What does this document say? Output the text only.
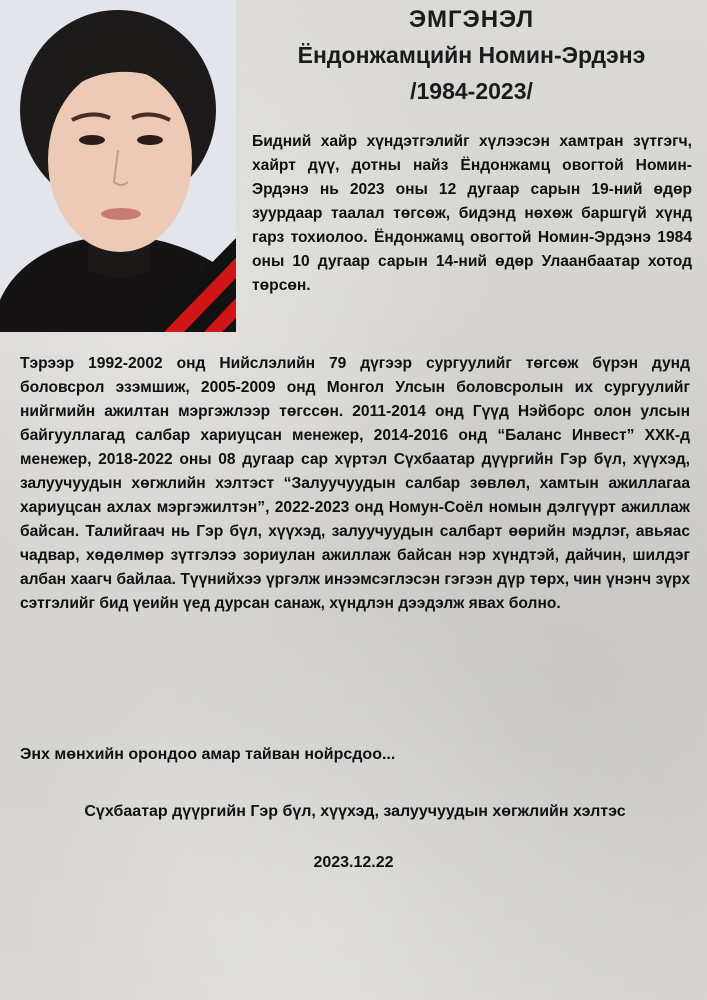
ЭМГЭНЭЛ
Ёндонжамцийн Номин-Эрдэнэ
/1984-2023/
Бидний хайр хүндэтгэлийг хүлээсэн хамтран зүтгэгч, хайрт дүү, дотны найз Ёндонжамц овогтой Номин-Эрдэнэ нь 2023 оны 12 дугаар сарын 19-ний өдөр зуурдаар таалал төгсөж, бидэнд нөхөж баршгүй хүнд гарз тохиолоо. Ёндонжамц овогтой Номин-Эрдэнэ 1984 оны 10 дугаар сарын 14-ний өдөр Улаанбаатар хотод төрсөн.
Тэрээр 1992-2002 онд Нийслэлийн 79 дүгээр сургуулийг төгсөж бүрэн дунд боловсрол эзэмшиж, 2005-2009 онд Монгол Улсын боловсролын их сургуулийг нийгмийн ажилтан мэргэжлээр төгссөн. 2011-2014 онд Гүүд Нэйборс олон улсын байгууллагад салбар хариуцсан менежер, 2014-2016 онд “Баланс Инвест” ХХК-д менежер, 2018-2022 оны 08 дугаар сар хүртэл Сүхбаатар дүүргийн Гэр бүл, хүүхэд, залуучуудын хөгжлийн хэлтэст “Залуучуудын салбар зөвлөл, хамтын ажиллагаа хариуцсан ахлах мэргэжилтэн”, 2022-2023 онд Номун-Соёл номын дэлгүүрт ажиллаж байсан. Талийгаач нь Гэр бүл, хүүхэд, залуучуудын салбарт өөрийн мэдлэг, авьяас чадвар, хөдөлмөр зүтгэлээ зориулан ажиллаж байсан нэр хүндтэй, дайчин, шилдэг албан хаагч байлаа. Түүнийхээ үргэлж инээмсэглэсэн гэгээн дүр төрх, чин үнэнч зүрх сэтгэлийг бид үеийн үед дурсан санаж, хүндлэн дээдэлж явах болно.
Энх мөнхийн орондоо амар тайван нойрсдоо...
Сүхбаатар дүүргийн Гэр бүл, хүүхэд, залуучуудын хөгжлийн хэлтэс
2023.12.22
